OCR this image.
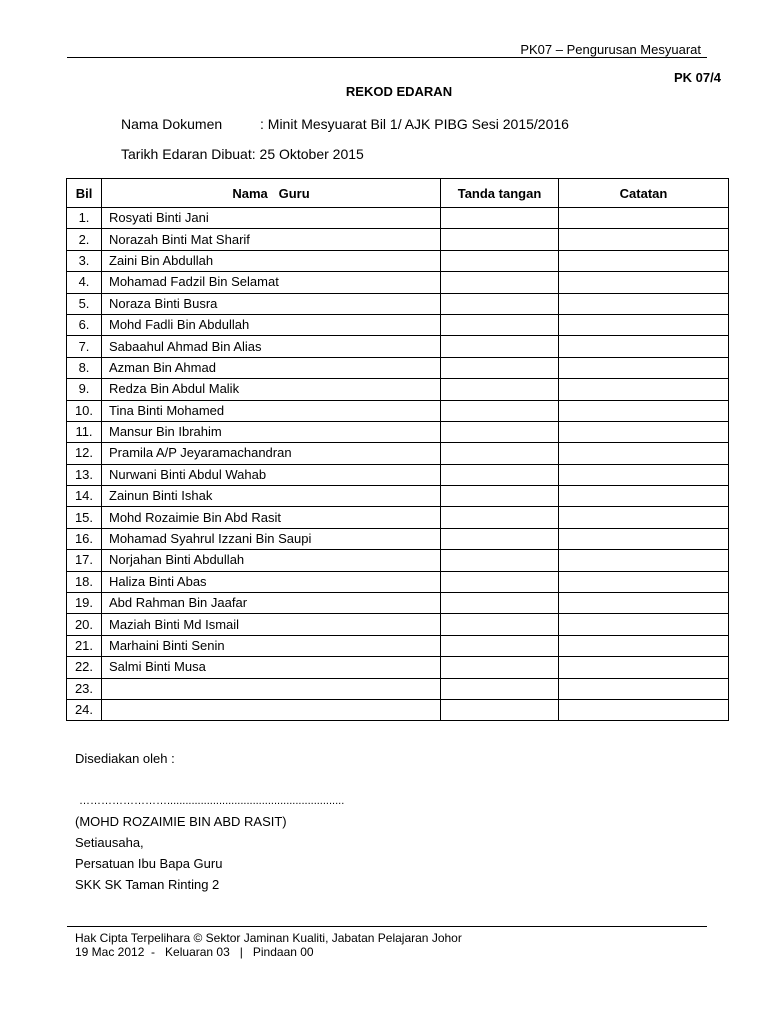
PK07 – Pengurusan Mesyuarat
PK 07/4
REKOD EDARAN
Nama Dokumen	: Minit Mesyuarat Bil 1/ AJK PIBG Sesi 2015/2016
Tarikh Edaran Dibuat: 25 Oktober 2015
Bil	Nama   Guru	Tanda tangan	Catatan
1.	Rosyati Binti Jani		
2.	Norazah Binti Mat Sharif		
3.	Zaini Bin Abdullah		
4.	Mohamad Fadzil Bin Selamat		
5.	Noraza Binti Busra		
6.	Mohd Fadli Bin Abdullah		
7.	Sabaahul Ahmad Bin Alias		
8.	Azman Bin Ahmad		
9.	Redza Bin Abdul Malik		
10.	Tina Binti Mohamed		
11.	Mansur Bin Ibrahim		
12.	Pramila A/P Jeyaramachandran		
13.	Nurwani Binti Abdul Wahab		
14.	Zainun Binti Ishak		
15.	Mohd Rozaimie Bin Abd Rasit		
16.	Mohamad Syahrul Izzani Bin Saupi		
17.	Norjahan Binti Abdullah		
18.	Haliza Binti Abas		
19.	Abd Rahman Bin Jaafar		
20.	Maziah Binti Md Ismail		
21.	Marhaini Binti Senin		
22.	Salmi Binti Musa		
23.			
24.			
Disediakan oleh :
……………………..........................................................
(MOHD ROZAIMIE BIN ABD RASIT)
Setiausaha,
Persatuan Ibu Bapa Guru
SKK SK Taman Rinting 2
Hak Cipta Terpelihara © Sektor Jaminan Kualiti, Jabatan Pelajaran Johor
19 Mac 2012  -   Keluaran 03   |   Pindaan 00
